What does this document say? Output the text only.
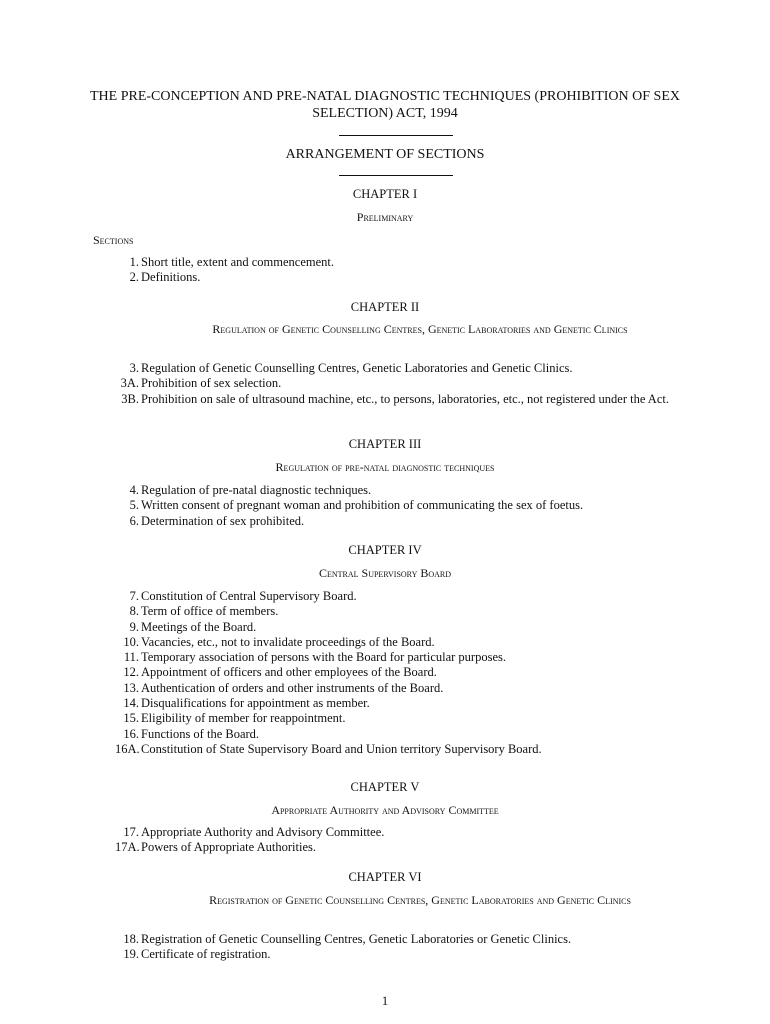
THE PRE-CONCEPTION AND PRE-NATAL DIAGNOSTIC TECHNIQUES (PROHIBITION OF SEX SELECTION) ACT, 1994
ARRANGEMENT OF SECTIONS
CHAPTER I
Preliminary
Sections
1. Short title, extent and commencement.
2. Definitions.
CHAPTER II
Regulation of Genetic Counselling Centres, Genetic Laboratories and Genetic Clinics
3. Regulation of Genetic Counselling Centres, Genetic Laboratories and Genetic Clinics.
3A. Prohibition of sex selection.
3B. Prohibition on sale of ultrasound machine, etc., to persons, laboratories, etc., not registered under the Act.
CHAPTER III
Regulation of pre-natal diagnostic techniques
4. Regulation of pre-natal diagnostic techniques.
5. Written consent of pregnant woman and prohibition of communicating the sex of foetus.
6. Determination of sex prohibited.
CHAPTER IV
Central Supervisory Board
7. Constitution of Central Supervisory Board.
8. Term of office of members.
9. Meetings of the Board.
10. Vacancies, etc., not to invalidate proceedings of the Board.
11. Temporary association of persons with the Board for particular purposes.
12. Appointment of officers and other employees of the Board.
13. Authentication of orders and other instruments of the Board.
14. Disqualifications for appointment as member.
15. Eligibility of member for reappointment.
16. Functions of the Board.
16A. Constitution of State Supervisory Board and Union territory Supervisory Board.
CHAPTER V
Appropriate Authority and Advisory Committee
17. Appropriate Authority and Advisory Committee.
17A. Powers of Appropriate Authorities.
CHAPTER VI
Registration of Genetic Counselling Centres, Genetic Laboratories and Genetic Clinics
18. Registration of Genetic Counselling Centres, Genetic Laboratories or Genetic Clinics.
19. Certificate of registration.
1
